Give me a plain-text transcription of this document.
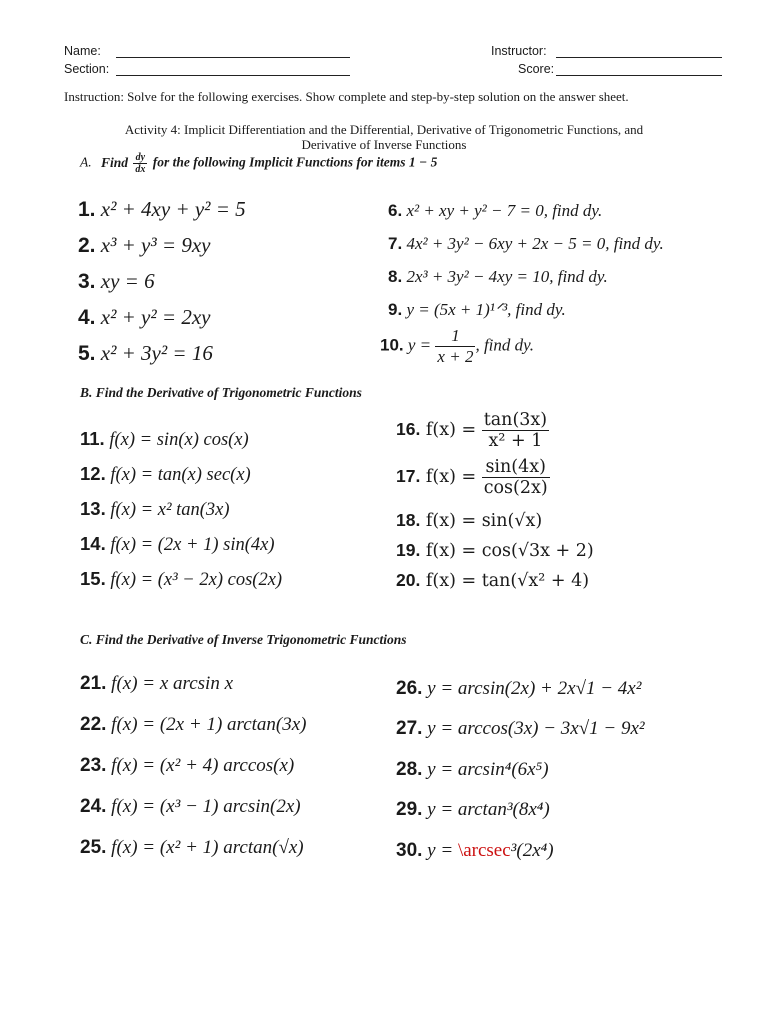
Name:
Section:
Instructor:
Score:
Instruction: Solve for the following exercises. Show complete and step-by-step solution on the answer sheet.
Activity 4: Implicit Differentiation and the Differential, Derivative of Trigonometric Functions, and
Derivative of Inverse Functions
A. Find $\frac{dy}{dx}$ for the following Implicit Functions for items 1 − 5
1. x² + 4xy + y² = 5
2. x³ + y³ = 9xy
3. xy = 6
4. x² + y² = 2xy
5. x² + 3y² = 16
6. x² + xy + y² − 7 = 0, find dy.
7. 4x² + 3y² − 6xy + 2x − 5 = 0, find dy.
8. 2x³ + 3y² − 4xy = 10, find dy.
9. y = (5x + 1)¹ᐟ³, find dy.
10. $y = \frac{1}{x + 2}$ , find dy.
B. Find the Derivative of Trigonometric Functions
11. f(x) = sin(x) cos(x)
12. f(x) = tan(x) sec(x)
13. f(x) = x² tan(3x)
14. f(x) = (2x + 1) sin(4x)
15. f(x) = (x³ − 2x) cos(2x)
16. $f(x) = \frac{\tan(3x)}{\text{x² + 1}}$
17. $f(x) = \frac{\sin(4x)}{\cos(2x)}$
18. f(x) = sin(√x)
19. f(x) = cos(√3x + 2)
20. f(x) = tan(√x² + 4)
C. Find the Derivative of Inverse Trigonometric Functions
21. f(x) = x arcsin x
22. f(x) = (2x + 1) arctan(3x)
23. f(x) = (x² + 4) arccos(x)
24. f(x) = (x³ − 1) arcsin(2x)
25. f(x) = (x² + 1) arctan(√x)
26. y = arcsin(2x) + 2x√1 − 4x²
27. y = arccos(3x) − 3x√1 − 9x²
28. y = arcsin⁴(6x⁵)
29. y = arctan³(8x⁴)
30. y = \arcsec³(2x⁴)
